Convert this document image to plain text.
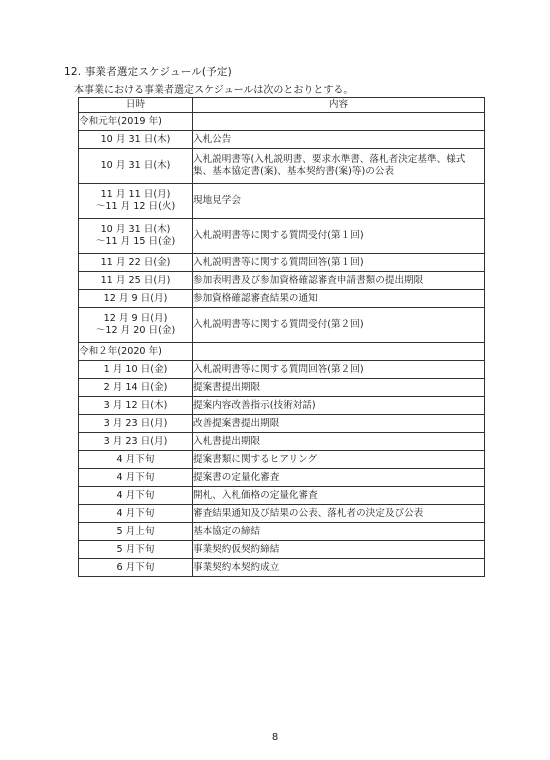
12. 事業者選定スケジュール(予定)
本事業における事業者選定スケジュールは次のとおりとする。
日時	内容
令和元年(2019 年)	

10 月 31 日(木)	入札公告

10 月 31 日(木)	入札説明書等(入札説明書、要求水準書、落札者決定基準、様式集、基本協定書(案)、基本契約書(案)等)の公表

11 月 11 日(月)
～11 月 12 日(火)	現地見学会

10 月 31 日(木)
～11 月 15 日(金)	入札説明書等に関する質問受付(第１回)

11 月 22 日(金)	入札説明書等に関する質問回答(第１回)

11 月 25 日(月)	参加表明書及び参加資格確認審査申請書類の提出期限

12 月 9 日(月)	参加資格確認審査結果の通知

12 月 9 日(月)
～12 月 20 日(金)	入札説明書等に関する質問受付(第２回)
令和２年(2020 年)	

1 月 10 日(金)	入札説明書等に関する質問回答(第２回)

2 月 14 日(金)	提案書提出期限

3 月 12 日(木)	提案内容改善指示(技術対話)

3 月 23 日(月)	改善提案書提出期限

3 月 23 日(月)	入札書提出期限

4 月下旬	提案書類に関するヒアリング

4 月下旬	提案書の定量化審査

4 月下旬	開札、入札価格の定量化審査

4 月下旬	審査結果通知及び結果の公表、落札者の決定及び公表

5 月上旬	基本協定の締結

5 月下旬	事業契約仮契約締結

6 月下旬	事業契約本契約成立
8
